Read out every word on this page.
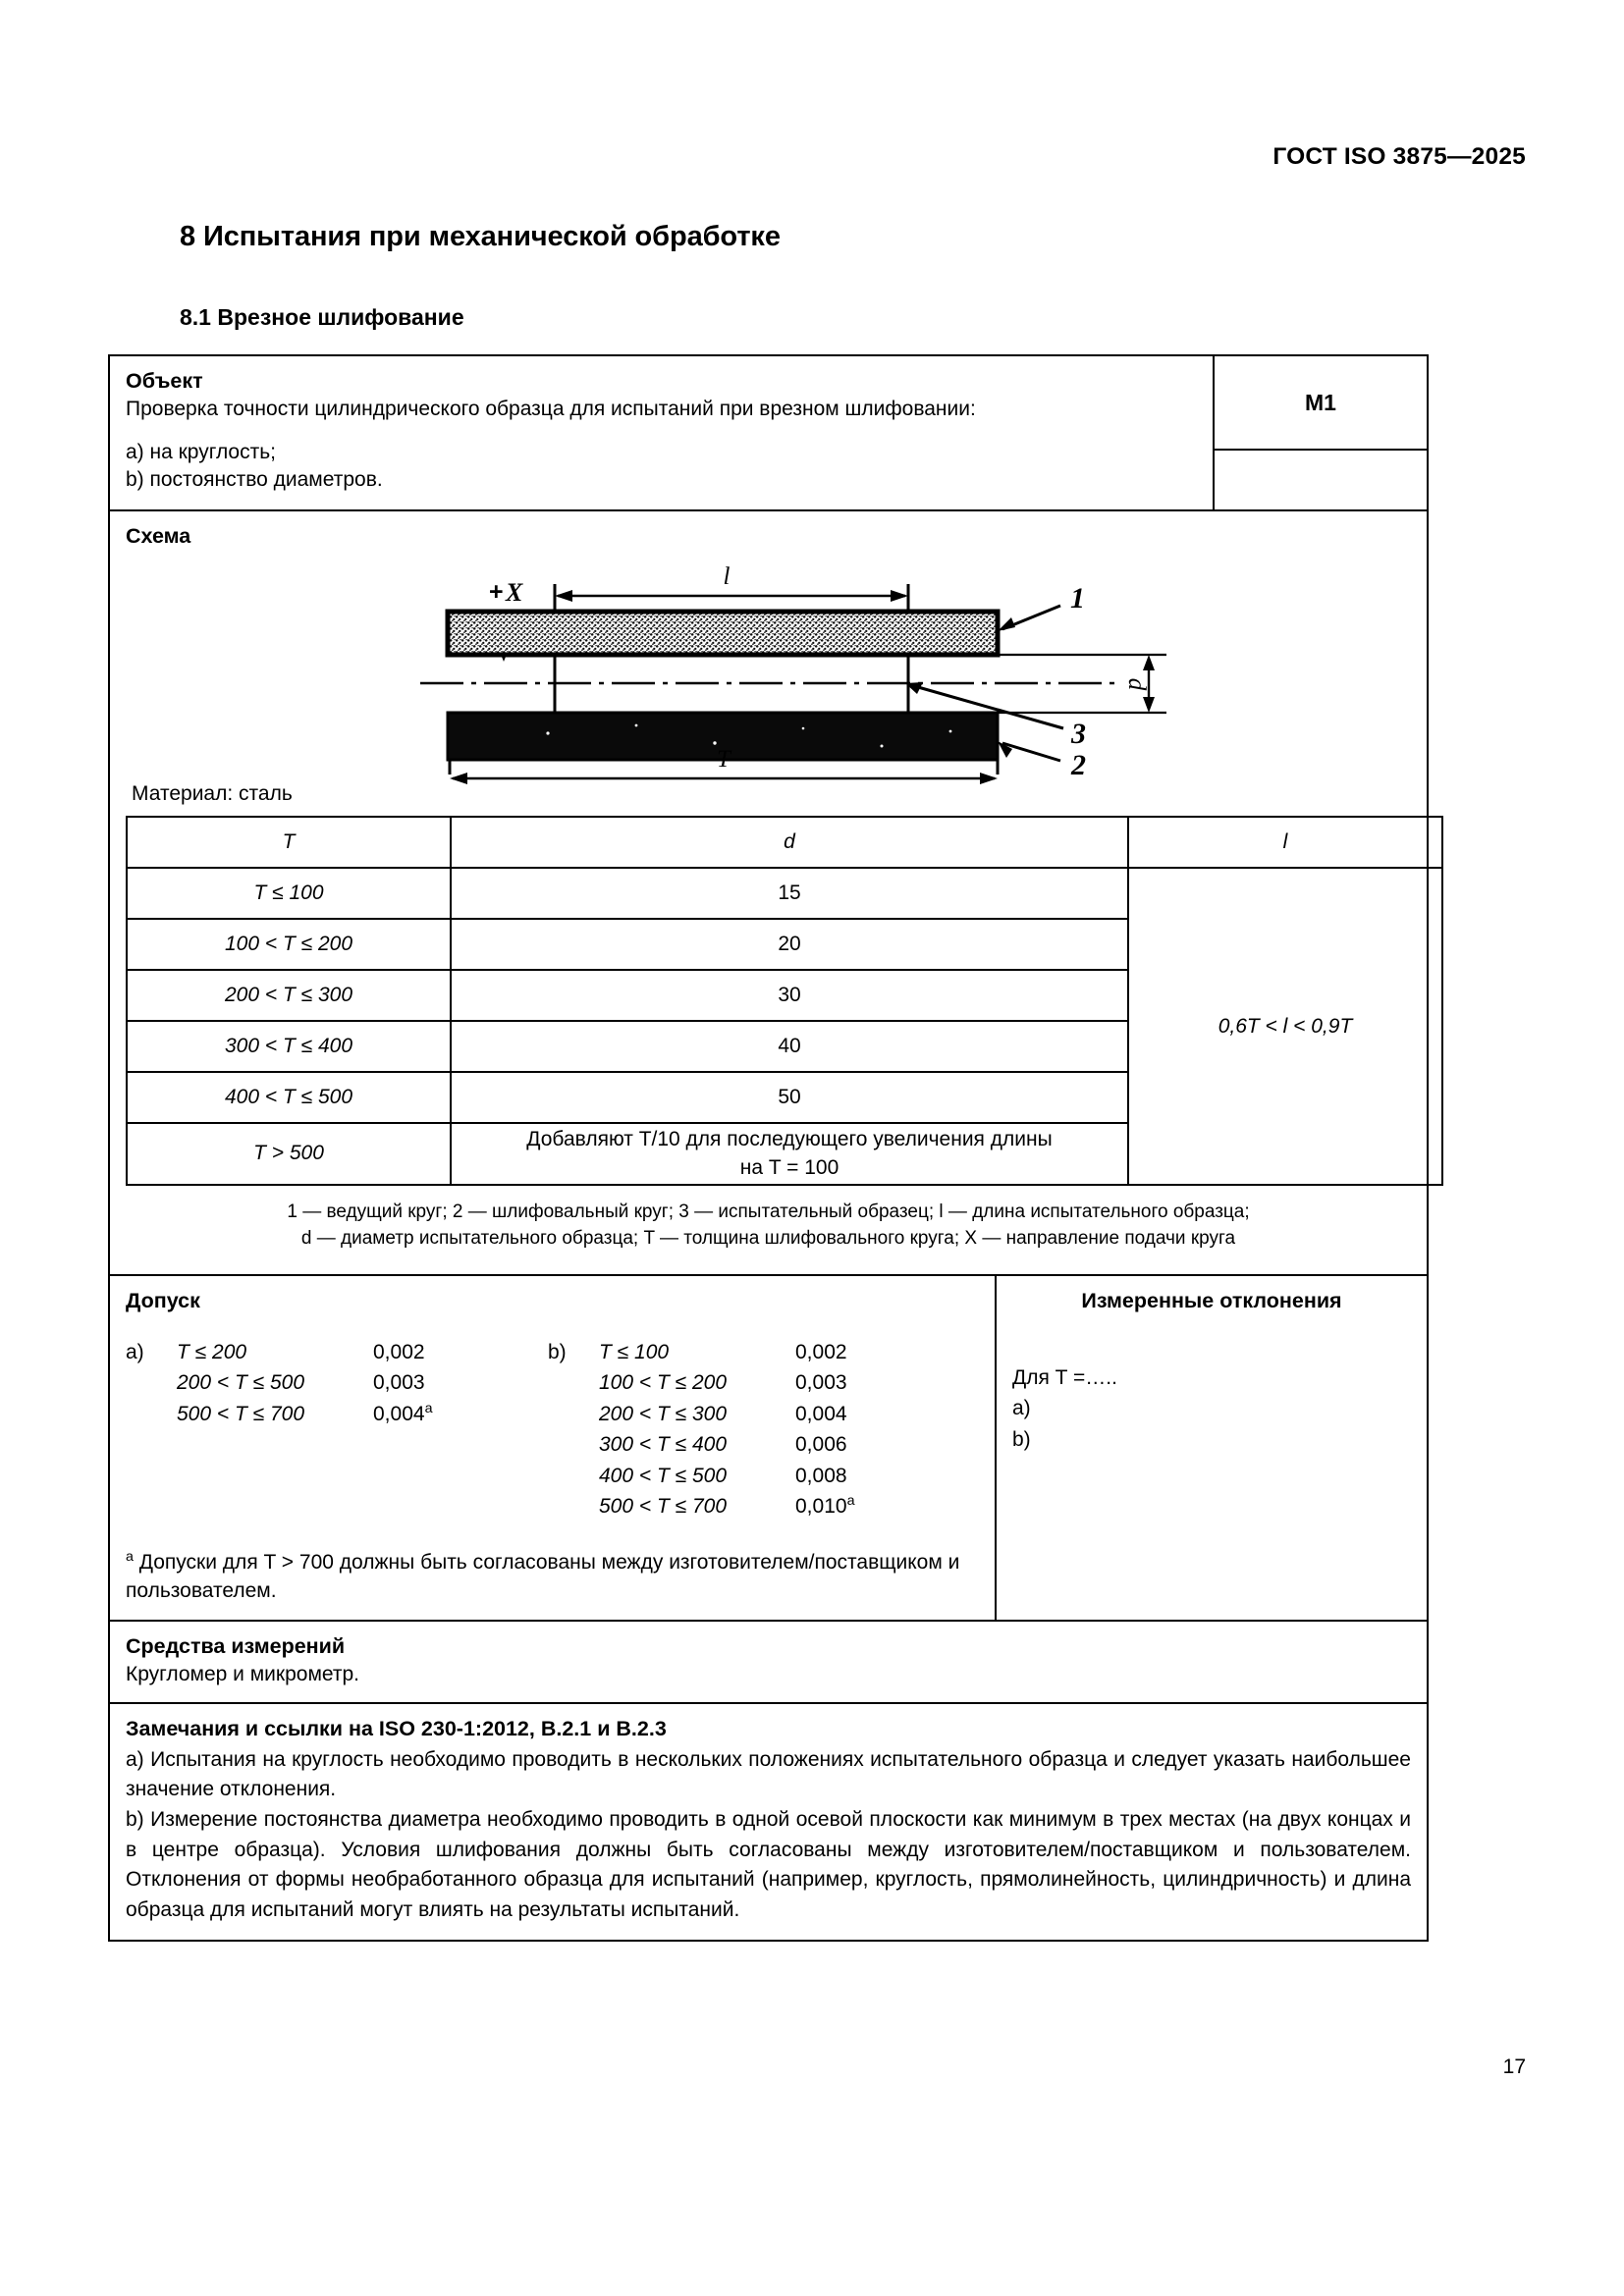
ГОСТ ISO 3875—2025
8 Испытания при механической обработке
8.1 Врезное шлифование
Объект
Проверка точности цилиндрического образца для испытаний при врезном шлифовании:
a) на круглость;
b) постоянство диаметров.
M1
Схема
l
+ X	1
d
3
2
T
Материал: сталь
T	d	l
T ≤ 100	15	0,6T < l < 0,9T
100 < T ≤ 200	20	
200 < T ≤ 300	30	
300 < T ≤ 400	40	
400 < T ≤ 500	50	
T > 500	Добавляют T/10 для последующего увеличения длины
на T = 100	
1 — ведущий круг; 2 — шлифовальный круг; 3 — испытательный образец; l — длина испытательного образца;
d — диаметр испытательного образца; T — толщина шлифовального круга; X — направление подачи круга
Допуск
a)	T ≤ 200	0,002
200 < T ≤ 500	0,003
500 < T ≤ 700	0,004$^a$
b)	T ≤ 100	0,002
100 < T ≤ 200	0,003
200 < T ≤ 300	0,004
300 < T ≤ 400	0,006
400 < T ≤ 500	0,008
500 < T ≤ 700	0,010$^a$
$^a$ Допуски для T > 700 должны быть согласованы между изготовителем/поставщиком и пользователем.
Измеренные отклонения
Для T =…..
a)
b)
Средства измерений
Кругломер и микрометр.
Замечания и ссылки на ISO 230-1:2012, B.2.1 и B.2.3

a) Испытания на круглость необходимо проводить в нескольких положениях испытательного образца и следует указать наибольшее значение отклонения.

b) Измерение постоянства диаметра необходимо проводить в одной осевой плоскости как минимум в трех местах (на двух концах и в центре образца). Условия шлифования должны быть согласованы между изготовителем/поставщиком и пользователем. Отклонения от формы необработанного образца для испытаний (например, круглость, прямолинейность, цилиндричность) и длина образца для испытаний могут влиять на результаты испытаний.

17
